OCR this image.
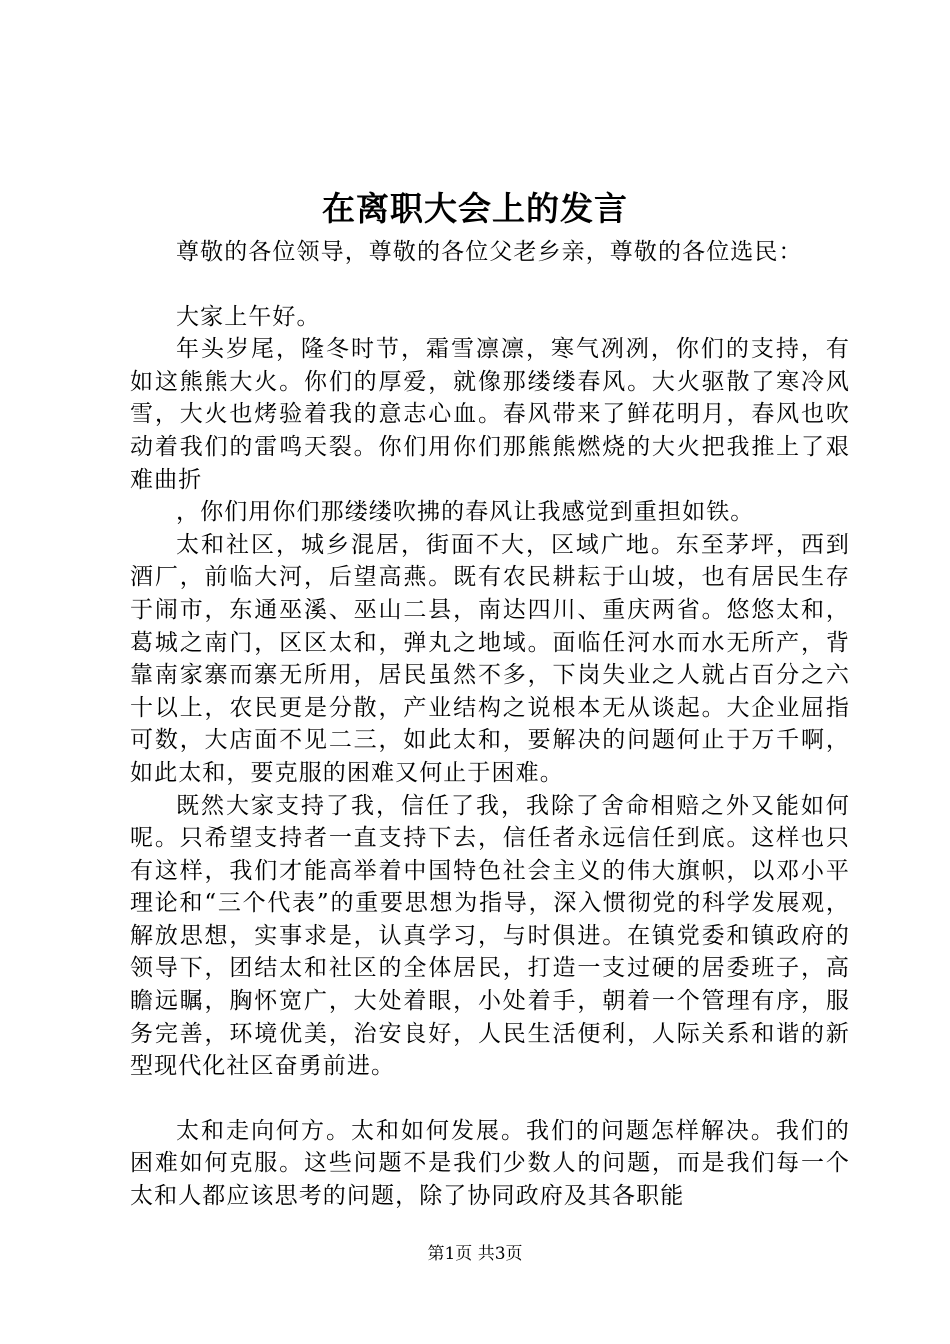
在离职大会上的发言

尊敬的各位领导，尊敬的各位父老乡亲，尊敬的各位选民：

大家上午好。

年头岁尾，隆冬时节，霜雪凛凛，寒气冽冽，你们的支持，有如这熊熊大火。你们的厚爱，就像那缕缕春风。大火驱散了寒冷风雪，大火也烤验着我的意志心血。春风带来了鲜花明月，春风也吹动着我们的雷鸣天裂。你们用你们那熊熊燃烧的大火把我推上了艰难曲折

，你们用你们那缕缕吹拂的春风让我感觉到重担如铁。

太和社区，城乡混居，街面不大，区域广地。东至茅坪，西到酒厂，前临大河，后望高燕。既有农民耕耘于山坡，也有居民生存于闹市，东通巫溪、巫山二县，南达四川、重庆两省。悠悠太和，葛城之南门，区区太和，弹丸之地域。面临任河水而水无所产，背靠南家寨而寨无所用，居民虽然不多，下岗失业之人就占百分之六十以上，农民更是分散，产业结构之说根本无从谈起。大企业屈指可数，大店面不见二三，如此太和，要解决的问题何止于万千啊，如此太和，要克服的困难又何止于困难。

既然大家支持了我，信任了我，我除了舍命相赔之外又能如何呢。只希望支持者一直支持下去，信任者永远信任到底。这样也只有这样，我们才能高举着中国特色社会主义的伟大旗帜，以邓小平理论和“三个代表”的重要思想为指导，深入惯彻党的科学发展观，解放思想，实事求是，认真学习，与时俱进。在镇党委和镇政府的领导下，团结太和社区的全体居民，打造一支过硬的居委班子，高瞻远瞩，胸怀宽广，大处着眼，小处着手，朝着一个管理有序，服务完善，环境优美，治安良好，人民生活便利，人际关系和谐的新型现代化社区奋勇前进。

太和走向何方。太和如何发展。我们的问题怎样解决。我们的困难如何克服。这些问题不是我们少数人的问题，而是我们每一个太和人都应该思考的问题，除了协同政府及其各职能

第1页 共3页
